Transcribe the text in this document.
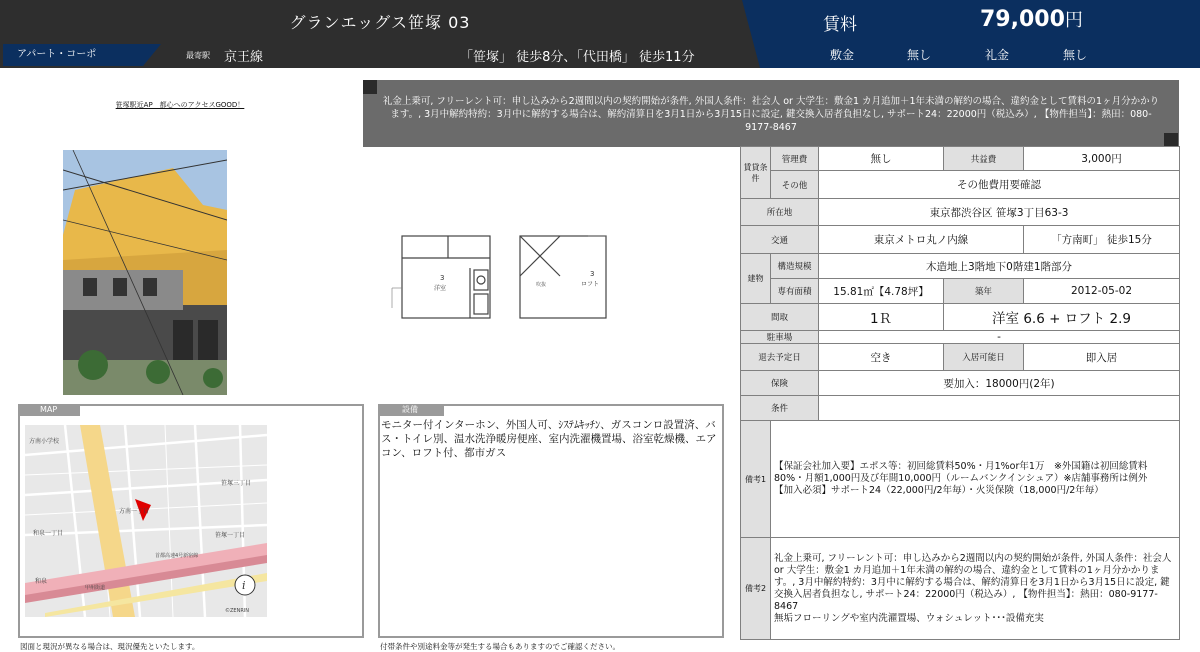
グランエッグス笹塚 03
アパート・コーポ	最寄駅 京王線	「笹塚」 徒歩8分、「代田橋」 徒歩11分
賃料	79,000円
敷金	無し	礼金	無し
笹塚駅近AP　都心へのアクセスGOOD！	礼金上乗可, フリーレント可：申し込みから2週間以内の契約開始が条件, 外国人条件：社会人 or 大学生：敷金1 カ月追加＋1年未満の解約の場合、違約金として賃料の1ヶ月分かかります。, 3月中解約特約：3月中に解約する場合は、解約清算日を3月1日から3月15日に設定, 鍵交換入居者負担なし, サポート24：22000円（税込み）, 【物件担当】：熱田：080-9177-8467
3
洋室
3
ロフト
吹抜
MAP
方南小学校
方南一丁目
和泉一丁目
和泉
笹塚一丁目
首都高速4号新宿線
甲州街道
笹塚三丁目
i
©ZENRIN
図面と現況が異なる場合は、現況優先といたします。
設備
モニター付インターホン、外国人可、ｼｽﾃﾑｷｯﾁﾝ、ガスコンロ設置済、バス・トイレ別、温水洗浄暖房便座、室内洗濯機置場、浴室乾燥機、エアコン、ロフト付、都市ガス
付帯条件や別途料金等が発生する場合もありますのでご確認ください。
賃貸条件	管理費	無し	共益費	3,000円
	その他	その他費用要確認		
所在地		東京都渋谷区 笹塚3丁目63-3		
交通		東京メトロ丸ノ内線		「方南町」 徒歩15分
建物	構造規模	木造地上3階地下0階建1階部分		
	専有面積	15.81㎡【4.78坪】	築年	2012-05-02
間取		1Ｒ	洋室 6.6 + ロフト 2.9	
駐車場		-		
退去予定日		空き	入居可能日	即入居
保険		要加入：18000円(2年)		
条件				
備考1	【保証会社加入要】エポス等：初回総賃料50%・月1%or年1万　※外国籍は初回総賃料80%・月額1,000円及び年間10,000円（ルームバンクインシュア）※店舗事務所は例外
【加入必須】サポート24（22,000円/2年毎）・火災保険（18,000円/2年毎）			
備考2	礼金上乗可, フリーレント可：申し込みから2週間以内の契約開始が条件, 外国人条件：社会人 or 大学生：敷金1 カ月追加＋1年未満の解約の場合、違約金として賃料の1ヶ月分かかります。, 3月中解約特約：3月中に解約する場合は、解約清算日を3月1日から3月15日に設定, 鍵交換入居者負担なし, サポート24：22000円（税込み）, 【物件担当】：熱田：080-9177-8467
無垢フローリングや室内洗濯置場、ウォシュレット･･･設備充実			
